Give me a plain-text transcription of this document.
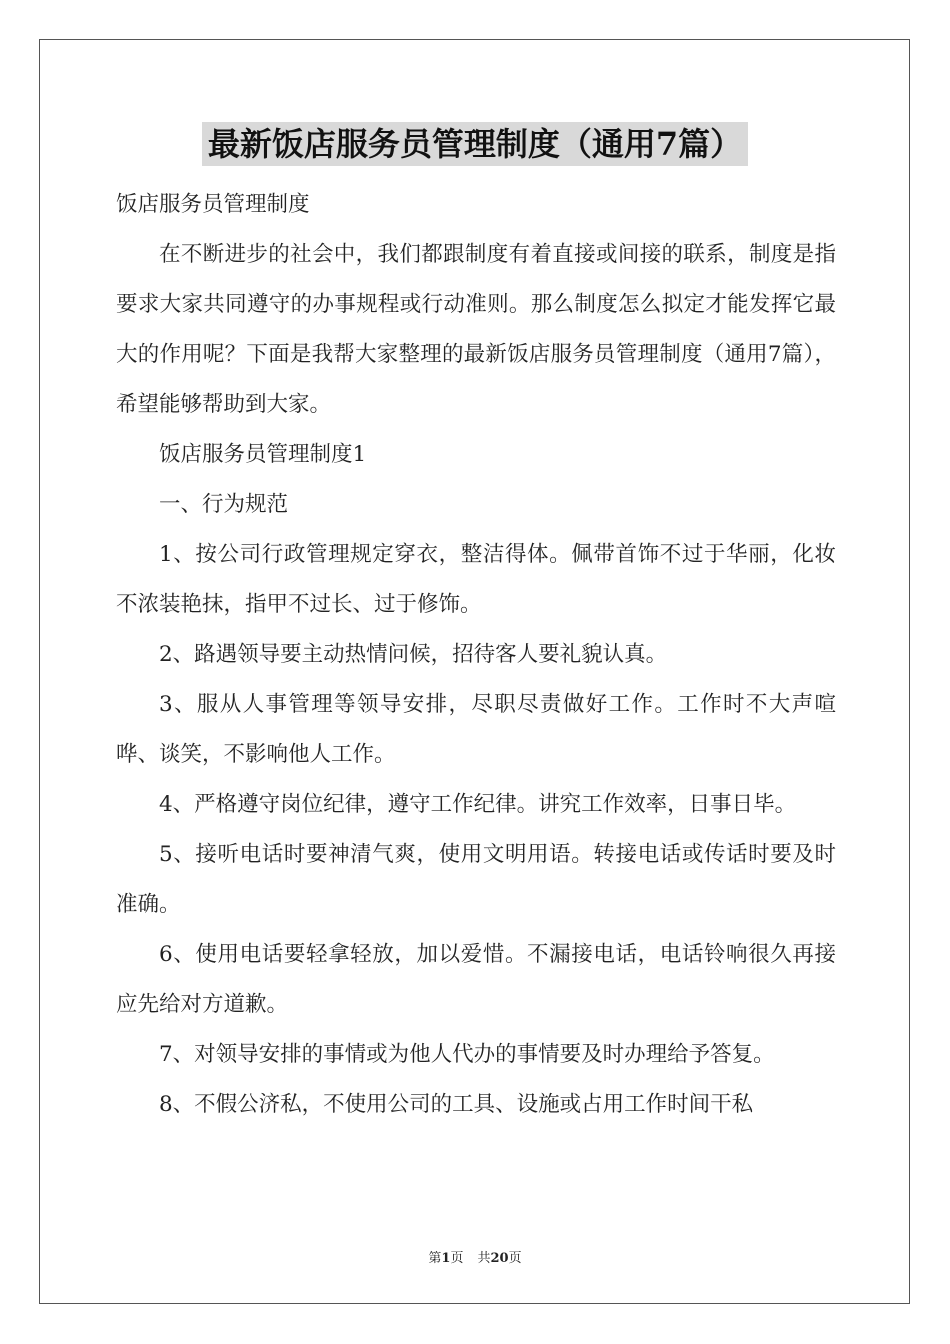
最新饭店服务员管理制度（通用7篇）

饭店服务员管理制度

在不断进步的社会中，我们都跟制度有着直接或间接的联系，制度是指要求大家共同遵守的办事规程或行动准则。那么制度怎么拟定才能发挥它最大的作用呢？下面是我帮大家整理的最新饭店服务员管理制度（通用7篇），希望能够帮助到大家。

饭店服务员管理制度1

一、行为规范

1、按公司行政管理规定穿衣，整洁得体。佩带首饰不过于华丽，化妆不浓装艳抹，指甲不过长、过于修饰。

2、路遇领导要主动热情问候，招待客人要礼貌认真。

3、服从人事管理等领导安排，尽职尽责做好工作。工作时不大声喧哗、谈笑，不影响他人工作。

4、严格遵守岗位纪律，遵守工作纪律。讲究工作效率，日事日毕。

5、接听电话时要神清气爽，使用文明用语。转接电话或传话时要及时准确。

6、使用电话要轻拿轻放，加以爱惜。不漏接电话，电话铃响很久再接应先给对方道歉。

7、对领导安排的事情或为他人代办的事情要及时办理给予答复。

8、不假公济私，不使用公司的工具、设施或占用工作时间干私

第1页 共20页
